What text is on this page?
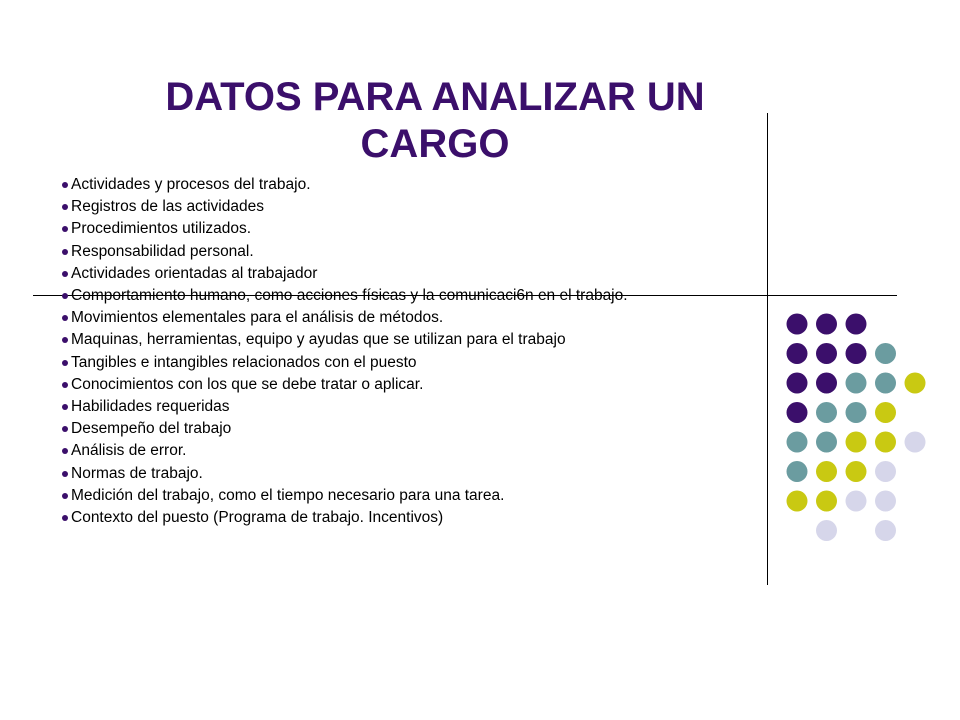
DATOS PARA ANALIZAR UN CARGO
Actividades y procesos del trabajo.
Registros de las actividades
Procedimientos utilizados.
Responsabilidad personal.
Actividades orientadas al trabajador
Comportamiento humano, como acciones físicas y la comunicaci6n en el trabajo.
Movimientos elementales para el análisis de métodos.
Maquinas, herramientas, equipo y ayudas que se utilizan para el trabajo
Tangibles e intangibles relacionados con el puesto
Conocimientos con los que se debe tratar o aplicar.
Habilidades requeridas
Desempeño del trabajo
Análisis de error.
Normas de trabajo.
Medición del trabajo, como el tiempo necesario para una tarea.
Contexto del puesto (Programa de trabajo. Incentivos)
